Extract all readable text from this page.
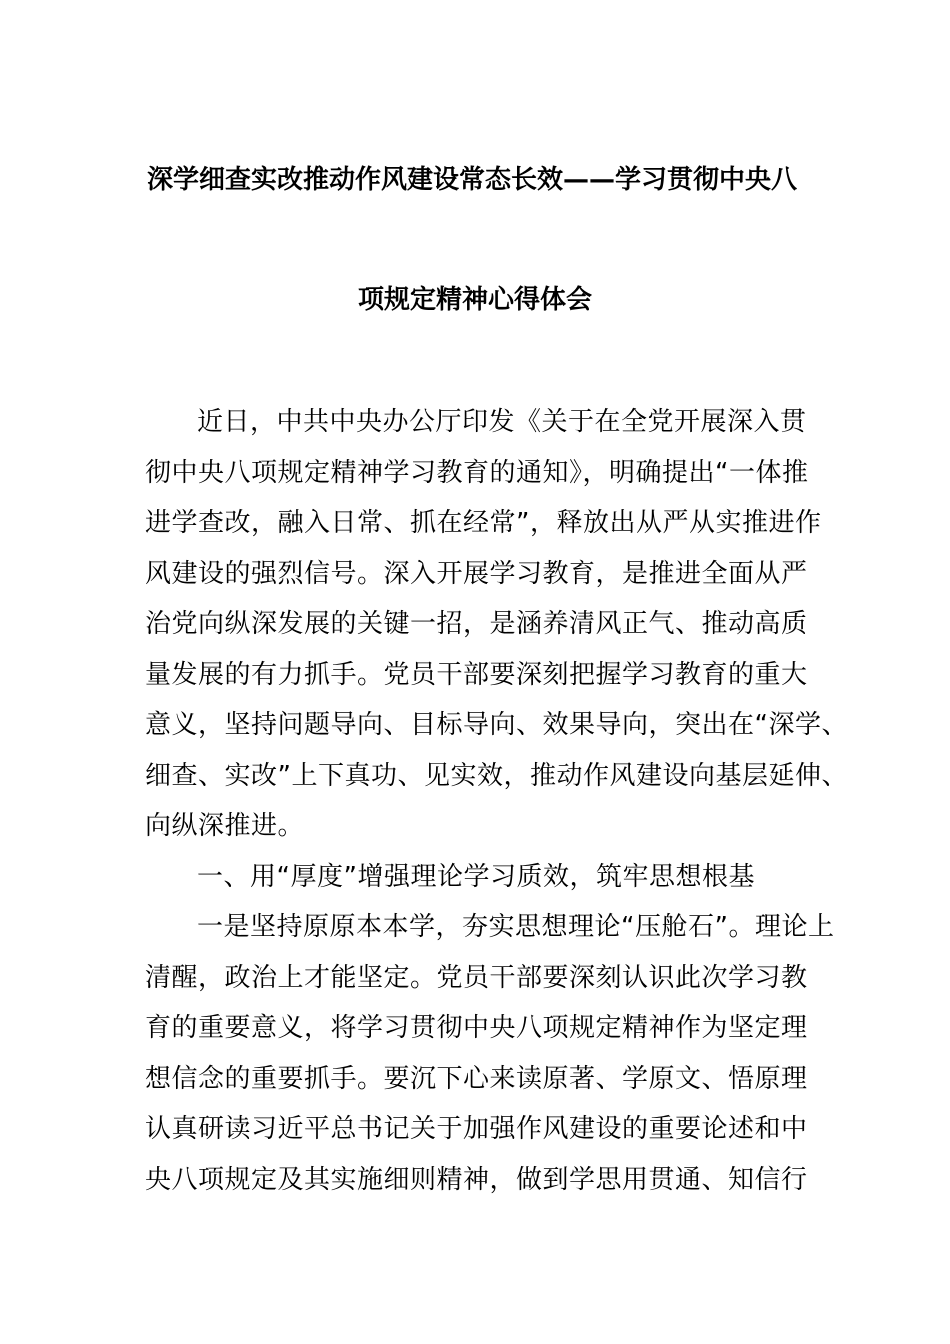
深学细查实改推动作风建设常态长效——学习贯彻中央八
项规定精神心得体会
近日，中共中央办公厅印发《关于在全党开展深入贯
彻中央八项规定精神学习教育的通知》，明确提出“一体推
进学查改，融入日常、抓在经常”，释放出从严从实推进作
风建设的强烈信号。深入开展学习教育，是推进全面从严
治党向纵深发展的关键一招，是涵养清风正气、推动高质
量发展的有力抓手。党员干部要深刻把握学习教育的重大
意义，坚持问题导向、目标导向、效果导向，突出在“深学、
细查、实改”上下真功、见实效，推动作风建设向基层延伸、
向纵深推进。
一、用“厚度”增强理论学习质效，筑牢思想根基
一是坚持原原本本学，夯实思想理论“压舱石”。理论上
清醒，政治上才能坚定。党员干部要深刻认识此次学习教
育的重要意义，将学习贯彻中央八项规定精神作为坚定理
想信念的重要抓手。要沉下心来读原著、学原文、悟原理
认真研读习近平总书记关于加强作风建设的重要论述和中
央八项规定及其实施细则精神，做到学思用贯通、知信行
